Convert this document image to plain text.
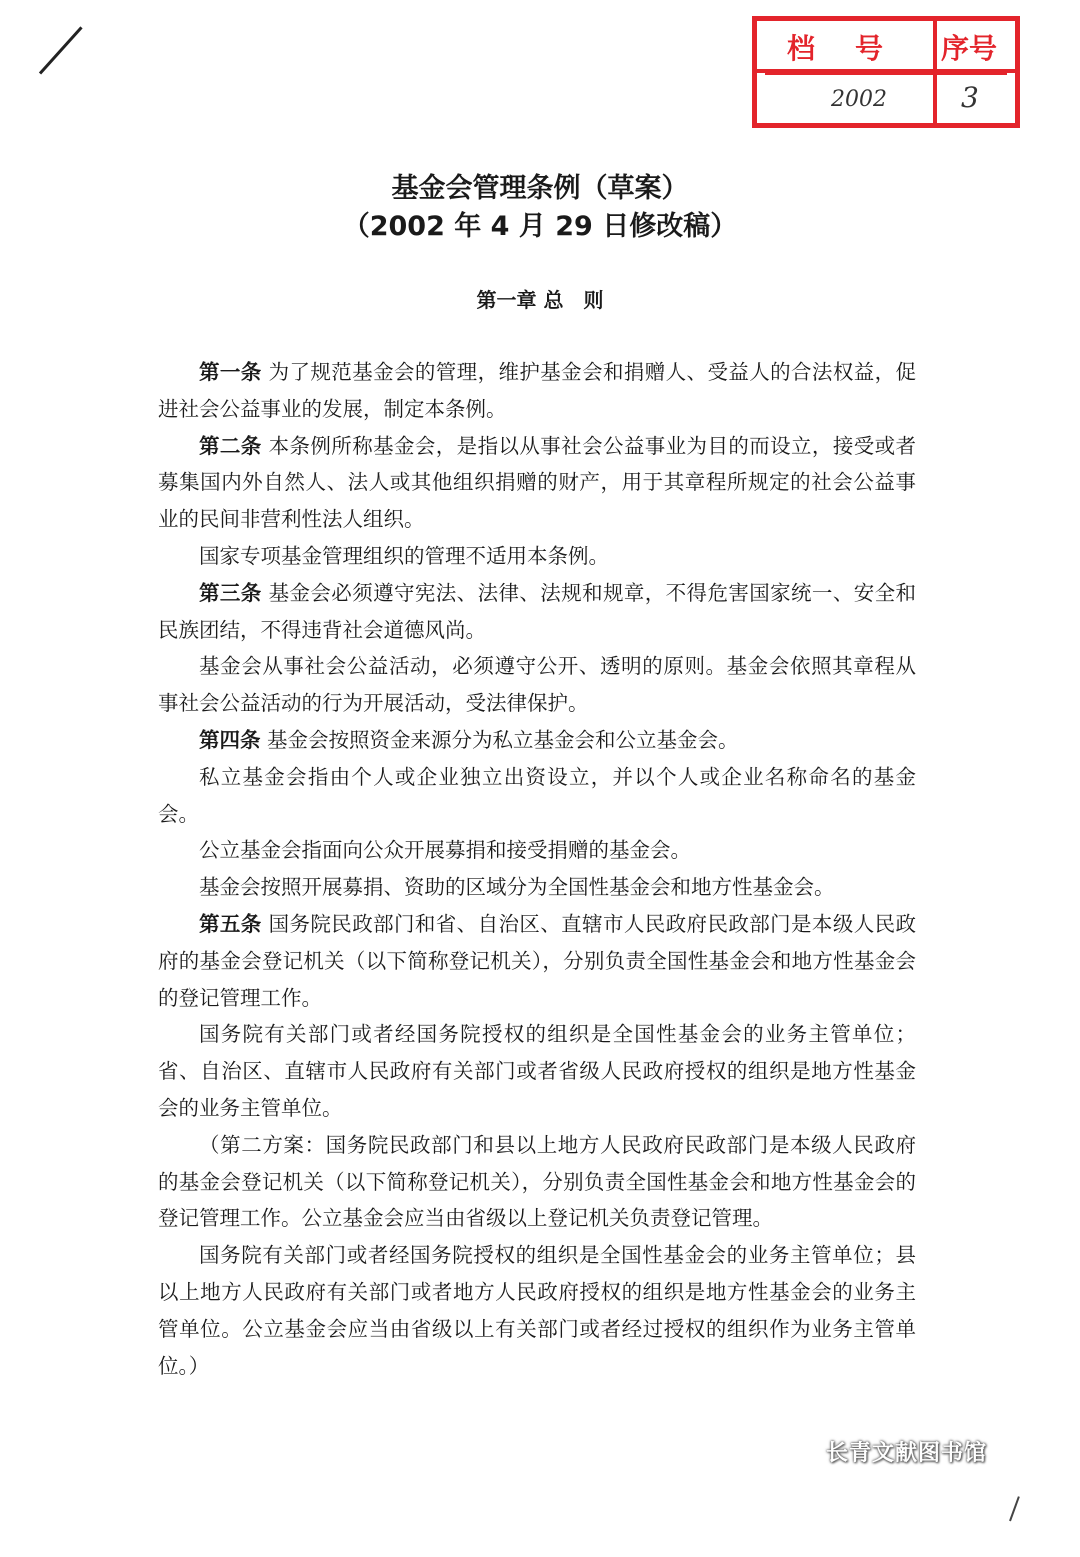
档号 序号
2002	3
基金会管理条例（草案）
（2002 年 4 月 29 日修改稿）
第一章 总　则

第一条 为了规范基金会的管理，维护基金会和捐赠人、受益人的合法权益，促进社会公益事业的发展，制定本条例。

第二条 本条例所称基金会，是指以从事社会公益事业为目的而设立，接受或者募集国内外自然人、法人或其他组织捐赠的财产，用于其章程所规定的社会公益事业的民间非营利性法人组织。

国家专项基金管理组织的管理不适用本条例。

第三条 基金会必须遵守宪法、法律、法规和规章，不得危害国家统一、安全和民族团结，不得违背社会道德风尚。

基金会从事社会公益活动，必须遵守公开、透明的原则。基金会依照其章程从事社会公益活动的行为开展活动，受法律保护。

第四条 基金会按照资金来源分为私立基金会和公立基金会。

私立基金会指由个人或企业独立出资设立，并以个人或企业名称命名的基金会。

公立基金会指面向公众开展募捐和接受捐赠的基金会。

基金会按照开展募捐、资助的区域分为全国性基金会和地方性基金会。

第五条 国务院民政部门和省、自治区、直辖市人民政府民政部门是本级人民政府的基金会登记机关（以下简称登记机关），分别负责全国性基金会和地方性基金会的登记管理工作。

国务院有关部门或者经国务院授权的组织是全国性基金会的业务主管单位；省、自治区、直辖市人民政府有关部门或者省级人民政府授权的组织是地方性基金会的业务主管单位。

（第二方案：国务院民政部门和县以上地方人民政府民政部门是本级人民政府的基金会登记机关（以下简称登记机关），分别负责全国性基金会和地方性基金会的登记管理工作。公立基金会应当由省级以上登记机关负责登记管理。

国务院有关部门或者经国务院授权的组织是全国性基金会的业务主管单位；县以上地方人民政府有关部门或者地方人民政府授权的组织是地方性基金会的业务主管单位。公立基金会应当由省级以上有关部门或者经过授权的组织作为业务主管单位。）

长青文献图书馆
